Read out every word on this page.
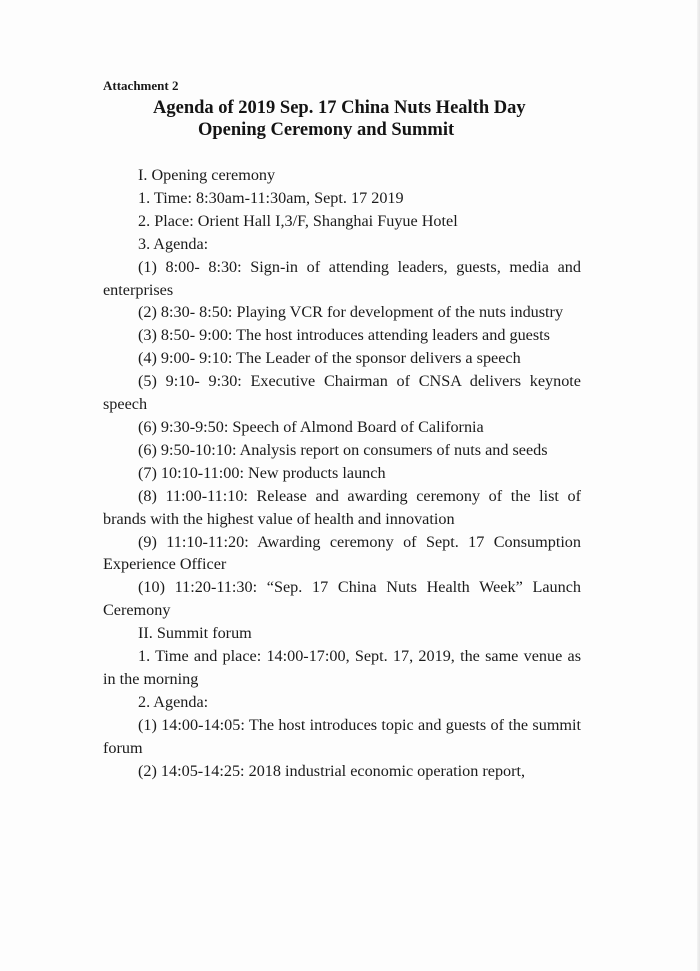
Attachment 2
Agenda of 2019 Sep. 17 China Nuts Health Day
Opening Ceremony and Summit

I. Opening ceremony

1. Time: 8:30am-11:30am, Sept. 17 2019

2. Place: Orient Hall I,3/F, Shanghai Fuyue Hotel

3. Agenda:

(1) 8:00- 8:30: Sign-in of attending leaders, guests, media and enterprises

(2) 8:30- 8:50: Playing VCR for development of the nuts industry

(3) 8:50- 9:00: The host introduces attending leaders and guests

(4) 9:00- 9:10: The Leader of the sponsor delivers a speech

(5) 9:10- 9:30: Executive Chairman of CNSA delivers keynote speech

(6) 9:30-9:50: Speech of Almond Board of California

(6) 9:50-10:10: Analysis report on consumers of nuts and seeds

(7) 10:10-11:00: New products launch

(8) 11:00-11:10: Release and awarding ceremony of the list of brands with the highest value of health and innovation

(9) 11:10-11:20: Awarding ceremony of Sept. 17 Consumption Experience Officer

(10) 11:20-11:30: “Sep. 17 China Nuts Health Week” Launch Ceremony

II. Summit forum

1. Time and place: 14:00-17:00, Sept. 17, 2019, the same venue as in the morning

2. Agenda:

(1) 14:00-14:05: The host introduces topic and guests of the summit forum

(2) 14:05-14:25: 2018 industrial economic operation report,
